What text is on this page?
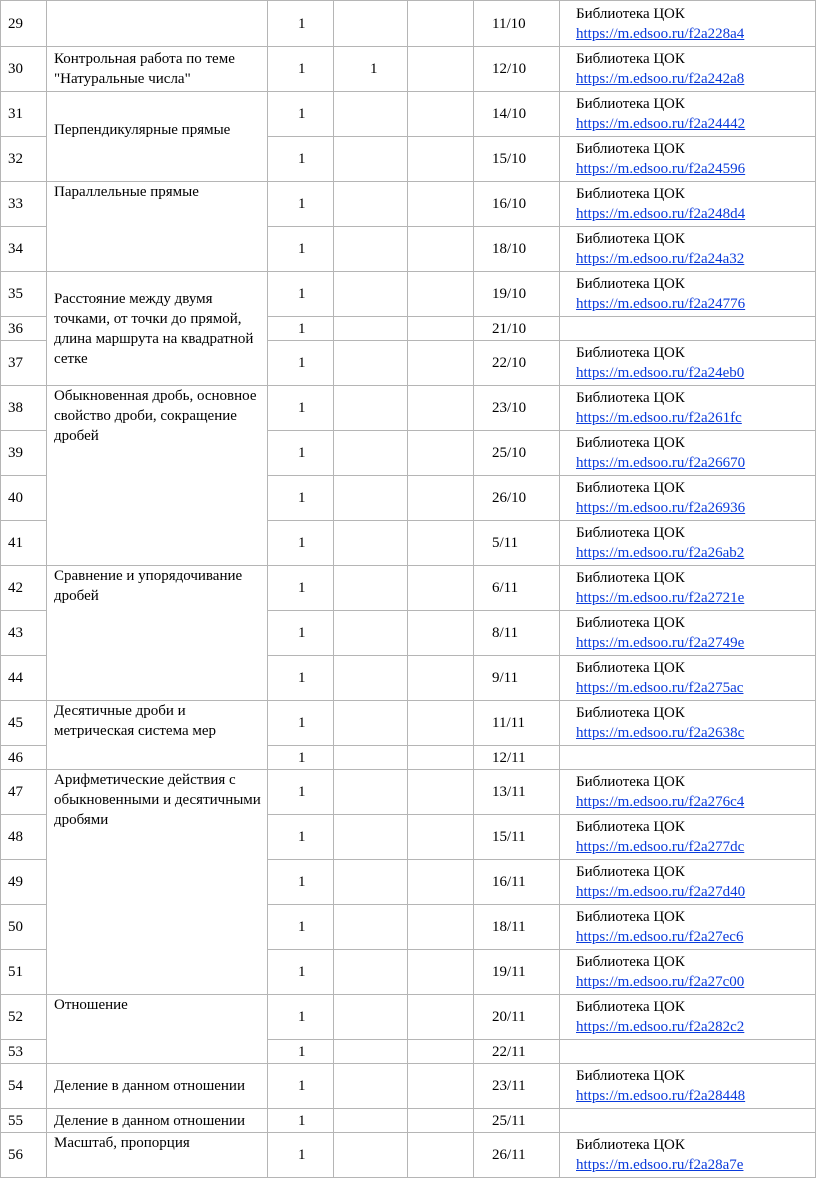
29		1			11/10	Библиотека ЦОК
https://m.edsoo.ru/f2a228a4

30	Контрольная работа по теме "Натуральные числа"	1	1		12/10	Библиотека ЦОК
https://m.edsoo.ru/f2a242a8

31	Перпендикулярные прямые	1			14/10	Библиотека ЦОК
https://m.edsoo.ru/f2a24442

32		1			15/10	Библиотека ЦОК
https://m.edsoo.ru/f2a24596

33	Параллельные прямые	1			16/10	Библиотека ЦОК
https://m.edsoo.ru/f2a248d4

34		1			18/10	Библиотека ЦОК
https://m.edsoo.ru/f2a24a32

35	Расстояние между двумя точками, от точки до прямой, длина маршрута на квадратной сетке	1			19/10	Библиотека ЦОК
https://m.edsoo.ru/f2a24776

36		1			21/10	
37		1			22/10	Библиотека ЦОК
https://m.edsoo.ru/f2a24eb0

38	Обыкновенная дробь, основное свойство дроби, сокращение дробей	1			23/10	Библиотека ЦОК
https://m.edsoo.ru/f2a261fc

39		1			25/10	Библиотека ЦОК
https://m.edsoo.ru/f2a26670

40		1			26/10	Библиотека ЦОК
https://m.edsoo.ru/f2a26936

41		1			5/11	Библиотека ЦОК
https://m.edsoo.ru/f2a26ab2

42	Сравнение и упорядочивание дробей	1			6/11	Библиотека ЦОК
https://m.edsoo.ru/f2a2721e

43		1			8/11	Библиотека ЦОК
https://m.edsoo.ru/f2a2749e

44		1			9/11	Библиотека ЦОК
https://m.edsoo.ru/f2a275ac

45	Десятичные дроби и метрическая система мер	1			11/11	Библиотека ЦОК
https://m.edsoo.ru/f2a2638c

46		1			12/11	
47	Арифметические действия с обыкновенными и десятичными дробями	1			13/11	Библиотека ЦОК
https://m.edsoo.ru/f2a276c4

48		1			15/11	Библиотека ЦОК
https://m.edsoo.ru/f2a277dc

49		1			16/11	Библиотека ЦОК
https://m.edsoo.ru/f2a27d40

50		1			18/11	Библиотека ЦОК
https://m.edsoo.ru/f2a27ec6

51		1			19/11	Библиотека ЦОК
https://m.edsoo.ru/f2a27c00

52	Отношение	1			20/11	Библиотека ЦОК
https://m.edsoo.ru/f2a282c2

53		1			22/11	
54	Деление в данном отношении	1			23/11	Библиотека ЦОК
https://m.edsoo.ru/f2a28448

55	Деление в данном отношении	1			25/11	
56	Масштаб, пропорция	1			26/11	Библиотека ЦОК
https://m.edsoo.ru/f2a28a7e
